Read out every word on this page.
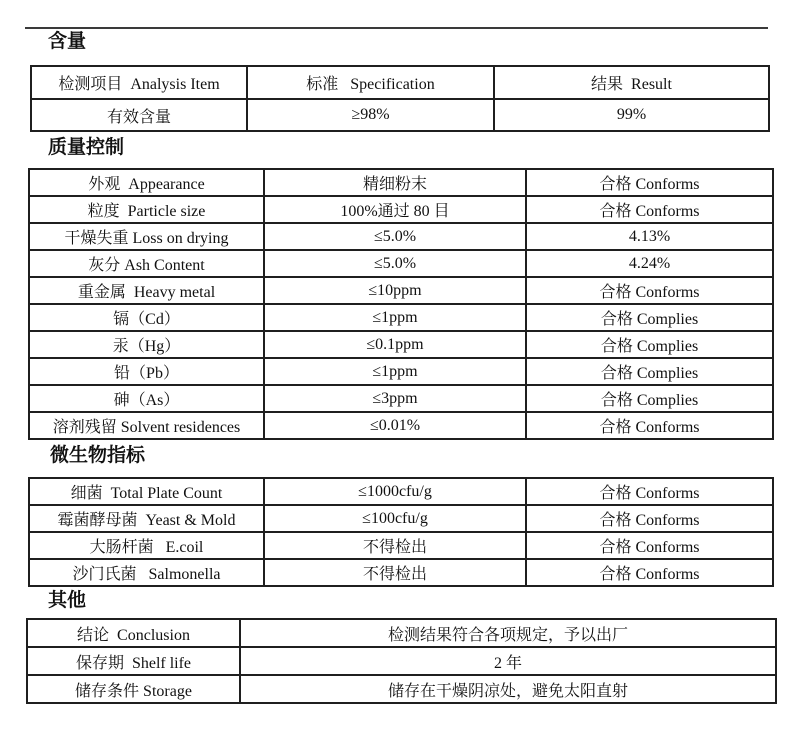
含量
检测项目  Analysis Item	标准   Specification	结果  Result
有效含量	≥98%	99%
质量控制
外观  Appearance	精细粉末	合格 Conforms
粒度  Particle size	100%通过 80 目	合格 Conforms
干燥失重 Loss on drying	≤5.0%	4.13%
灰分 Ash Content	≤5.0%	4.24%
重金属  Heavy metal	≤10ppm	合格 Conforms
镉（Cd）	≤1ppm	合格 Complies
汞（Hg）	≤0.1ppm	合格 Complies
铅（Pb）	≤1ppm	合格 Complies
砷（As）	≤3ppm	合格 Complies
溶剂残留 Solvent residences	≤0.01%	合格 Conforms
微生物指标
细菌  Total Plate Count	≤1000cfu/g	合格 Conforms
霉菌酵母菌  Yeast & Mold	≤100cfu/g	合格 Conforms
大肠杆菌   E.coil	不得检出	合格 Conforms
沙门氏菌   Salmonella	不得检出	合格 Conforms
其他
结论  Conclusion	检测结果符合各项规定，予以出厂
保存期  Shelf life	2 年
储存条件 Storage	储存在干燥阴凉处，避免太阳直射
